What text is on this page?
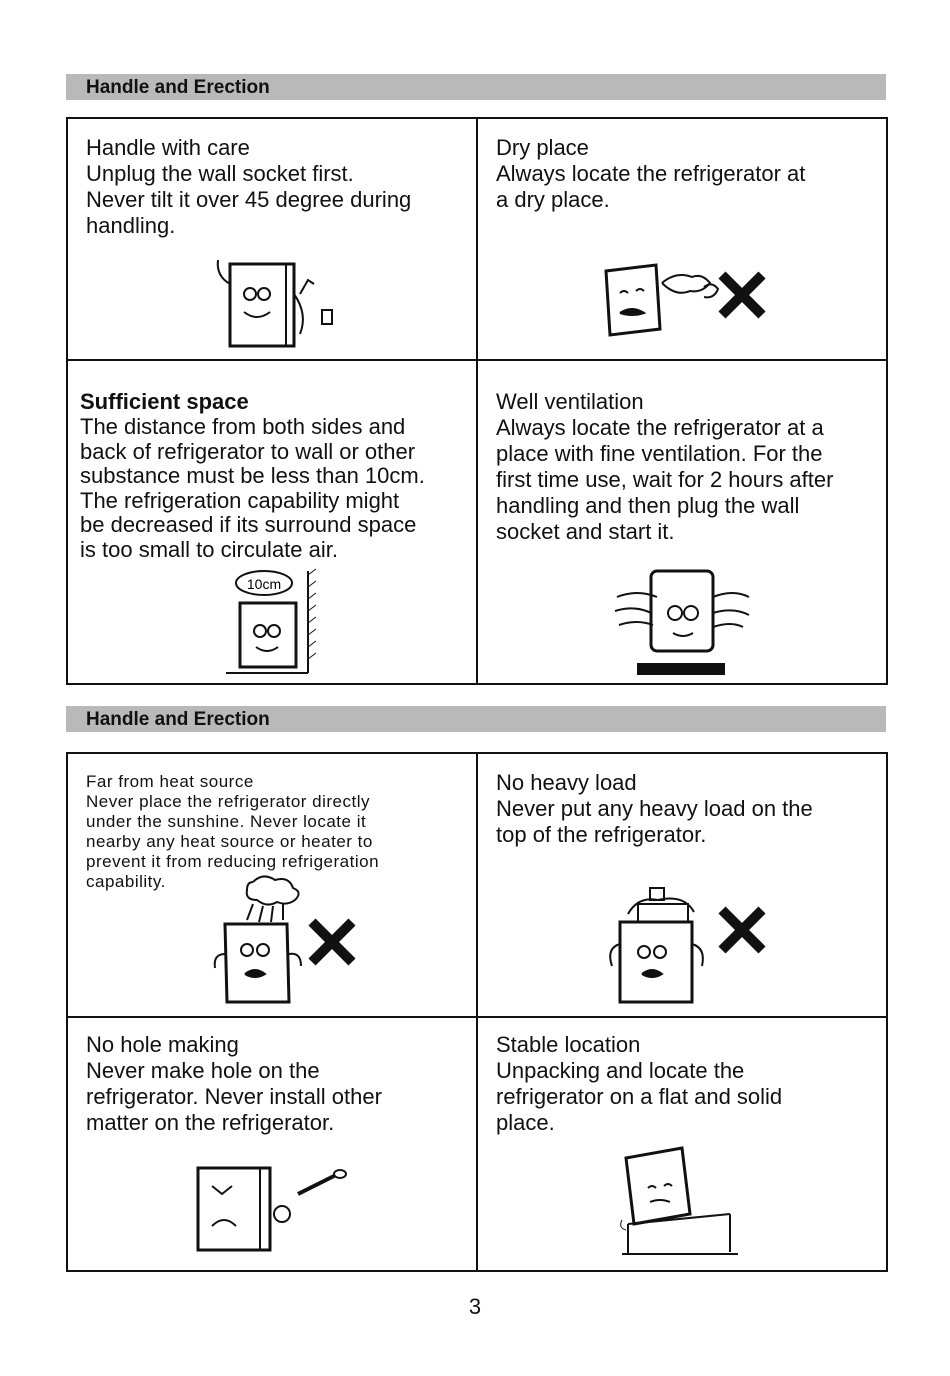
Handle and Erection
Handle with care
Unplug the wall socket first.
Never tilt it over 45 degree during
handling.
Dry place
Always locate the refrigerator at
a dry place.
Sufficient space
The distance from both sides and
back of refrigerator to wall or other
substance must be less than 10cm.
The refrigeration capability might
be decreased if its surround space
is too small to circulate air.
10cm
Well ventilation
Always locate the refrigerator at a
place with fine ventilation. For the
first time use, wait for 2 hours after
handling and then plug the wall
socket and start it.
Handle and Erection
Far from heat source
Never place the refrigerator directly
under the sunshine. Never locate it
nearby any heat source or heater to
prevent it from reducing refrigeration
capability.
No heavy load
Never put any heavy load on the
top of the refrigerator.
No hole making
Never make hole on the
refrigerator. Never install other
matter on the refrigerator.
Stable location
Unpacking and locate the
refrigerator on a flat and solid
place.
3
